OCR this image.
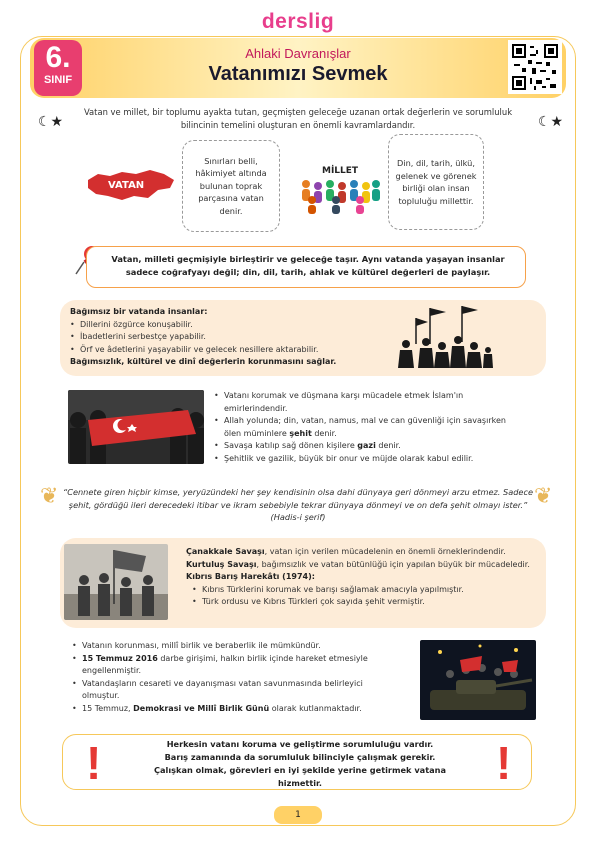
derslig
6.
SINIF
Ahlaki Davranışlar
Vatanımızı Sevmek
☾★	☾★
Vatan ve millet, bir toplumu ayakta tutan, geçmişten geleceğe uzanan ortak değerlerin ve sorumluluk bilincinin temelini oluşturan en önemli kavramlardandır.
VATAN
Sınırları belli, hâkimiyet altında bulunan toprak parçasına vatan denir.
MİLLET
Din, dil, tarih, ülkü, gelenek ve görenek birliği olan insan topluluğu millettir.
Vatan, milleti geçmişiyle birleştirir ve geleceğe taşır. Aynı vatanda yaşayan insanlar sadece coğrafyayı değil; din, dil, tarih, ahlak ve kültürel değerleri de paylaşır.
Bağımsız bir vatanda insanlar:
• Dillerini özgürce konuşabilir.
• İbadetlerini serbestçe yapabilir.
• Örf ve âdetlerini yaşayabilir ve gelecek nesillere aktarabilir.
Bağımsızlık, kültürel ve dinî değerlerin korunmasını sağlar.
• Vatanı korumak ve düşmana karşı mücadele etmek İslam'ın emirlerindendir.
• Allah yolunda; din, vatan, namus, mal ve can güvenliği için savaşırken ölen müminlere şehit denir.
• Savaşa katılıp sağ dönen kişilere gazi denir.
• Şehitlik ve gazilik, büyük bir onur ve müjde olarak kabul edilir.
❦	❦
“Cennete giren hiçbir kimse, yeryüzündeki her şey kendisinin olsa dahi dünyaya geri dönmeyi arzu etmez. Sadece şehit, gördüğü ileri derecedeki itibar ve ikram sebebiyle tekrar dünyaya dönmeyi ve on defa şehit olmayı ister.” (Hadis-i şerif)
Çanakkale Savaşı, vatan için verilen mücadelenin en önemli örneklerindendir.
Kurtuluş Savaşı, bağımsızlık ve vatan bütünlüğü için yapılan büyük bir mücadeledir.
Kıbrıs Barış Harekâtı (1974):
• Kıbrıs Türklerini korumak ve barışı sağlamak amacıyla yapılmıştır.
• Türk ordusu ve Kıbrıs Türkleri çok sayıda şehit vermiştir.
• Vatanın korunması, millî birlik ve beraberlik ile mümkündür.
• 15 Temmuz 2016 darbe girişimi, halkın birlik içinde hareket etmesiyle engellenmiştir.
• Vatandaşların cesareti ve dayanışması vatan savunmasında belirleyici olmuştur.
• 15 Temmuz, Demokrasi ve Millî Birlik Günü olarak kutlanmaktadır.
!	!
Herkesin vatanı koruma ve geliştirme sorumluluğu vardır.
Barış zamanında da sorumluluk bilinciyle çalışmak gerekir.
Çalışkan olmak, görevleri en iyi şekilde yerine getirmek vatana hizmettir.
1
